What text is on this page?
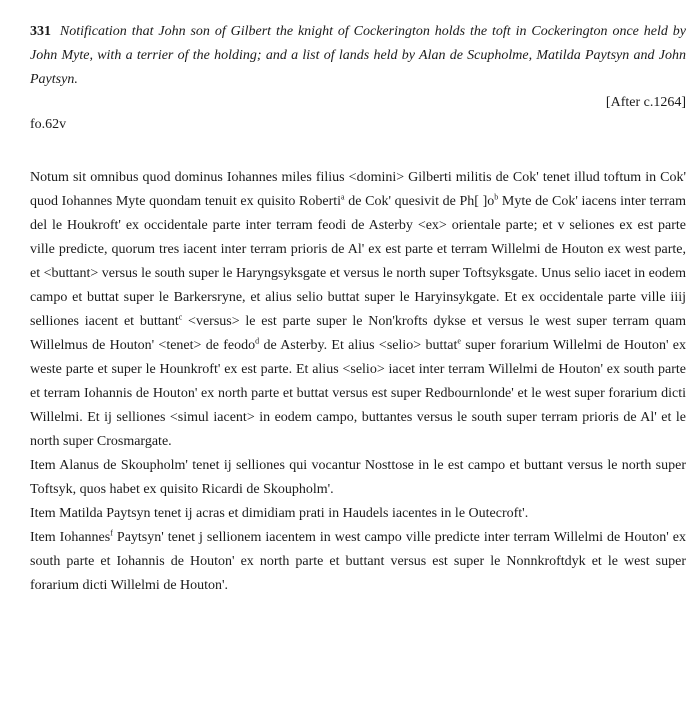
331 Notification that John son of Gilbert the knight of Cockerington holds the toft in Cockerington once held by John Myte, with a terrier of the holding; and a list of lands held by Alan de Scupholme, Matilda Paytsyn and John Paytsyn.

[After c.1264]

fo.62v

Notum sit omnibus quod dominus Iohannes miles filius <domini> Gilberti militis de Cok' tenet illud toftum in Cok' quod Iohannes Myte quondam tenuit ex quisito Roberti$^a$ de Cok' quesivit de Ph[ ]$o^b$ Myte de Cok' iacens inter terram del le Houkroft' ex occidentale parte inter terram feodi de Asterby <ex> orientale parte; et v seliones ex est parte ville predicte, quorum tres iacent inter terram prioris de Al' ex est parte et terram Willelmi de Houton ex west parte, et <buttant> versus le south super le Haryngsyksgate et versus le north super Toftsyksgate. Unus selio iacet in eodem campo et buttat super le Barkersryne, et alius selio buttat super le Haryinsykgate. Et ex occidentale parte ville iiij selliones iacent et buttant$^c$ <versus> le est parte super le Non'krofts dykse et versus le west super terram quam Willelmus de Houton' <tenet> de feodo$^d$ de Asterby. Et alius <selio> buttat$^e$ super forarium Willelmi de Houton' ex weste parte et super le Hounkroft' ex est parte. Et alius <selio> iacet inter terram Willelmi de Houton' ex south parte et terram Iohannis de Houton' ex north parte et buttat versus est super Redbournlonde' et le west super forarium dicti Willelmi. Et ij selliones <simul iacent> in eodem campo, buttantes versus le south super terram prioris de Al' et le north super Crosmargate.

Item Alanus de Skoupholm' tenet ij selliones qui vocantur Nosttose in le est campo et buttant versus le north super Toftsyk, quos habet ex quisito Ricardi de Skoupholm'.

Item Matilda Paytsyn tenet ij acras et dimidiam prati in Haudels iacentes in le Outecroft'.

Item Iohannes$^f$ Paytsyn' tenet j sellionem iacentem in west campo ville predicte inter terram Willelmi de Houton' ex south parte et Iohannis de Houton' ex north parte et buttant versus est super le Nonnkroftdyk et le west super forarium dicti Willelmi de Houton'.
